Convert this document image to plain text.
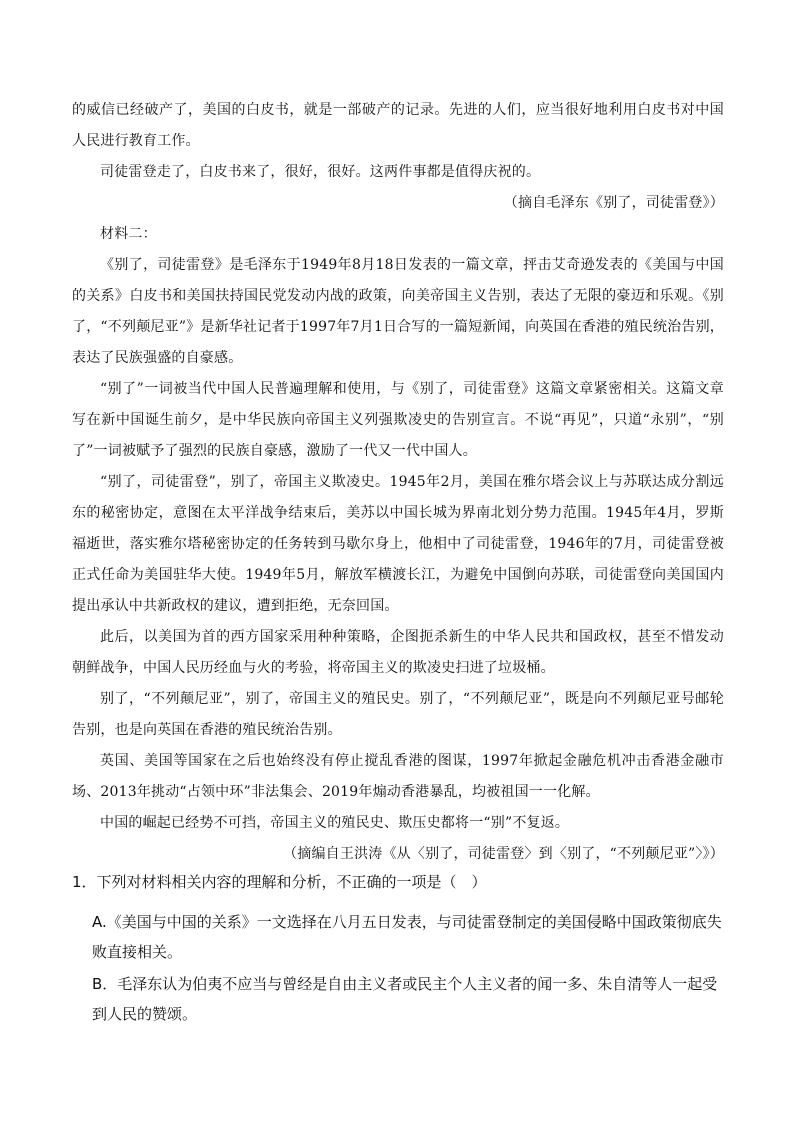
的威信已经破产了，美国的白皮书，就是一部破产的记录。先进的人们，应当很好地利用白皮书对中国人民进行教育工作。

司徒雷登走了，白皮书来了，很好，很好。这两件事都是值得庆祝的。

（摘自毛泽东《别了，司徒雷登》）

材料二：

《别了，司徒雷登》是毛泽东于1949年8月18日发表的一篇文章，抨击艾奇逊发表的《美国与中国的关系》白皮书和美国扶持国民党发动内战的政策，向美帝国主义告别，表达了无限的豪迈和乐观。《别了，“不列颠尼亚”》是新华社记者于1997年7月1日合写的一篇短新闻，向英国在香港的殖民统治告别，表达了民族强盛的自豪感。

“别了”一词被当代中国人民普遍理解和使用，与《别了，司徒雷登》这篇文章紧密相关。这篇文章写在新中国诞生前夕，是中华民族向帝国主义列强欺凌史的告别宣言。不说“再见”，只道“永别”，“别了”一词被赋予了强烈的民族自豪感，激励了一代又一代中国人。

“别了，司徒雷登”，别了，帝国主义欺凌史。1945年2月，美国在雅尔塔会议上与苏联达成分割远东的秘密协定，意图在太平洋战争结束后，美苏以中国长城为界南北划分势力范围。1945年4月，罗斯福逝世，落实雅尔塔秘密协定的任务转到马歇尔身上，他相中了司徒雷登，1946年的7月，司徒雷登被正式任命为美国驻华大使。1949年5月，解放军横渡长江，为避免中国倒向苏联，司徒雷登向美国国内提出承认中共新政权的建议，遭到拒绝，无奈回国。

此后，以美国为首的西方国家采用种种策略，企图扼杀新生的中华人民共和国政权，甚至不惜发动朝鲜战争，中国人民历经血与火的考验，将帝国主义的欺凌史扫进了垃圾桶。

别了，“不列颠尼亚”，别了，帝国主义的殖民史。别了，“不列颠尼亚”，既是向不列颠尼亚号邮轮告别，也是向英国在香港的殖民统治告别。

英国、美国等国家在之后也始终没有停止搅乱香港的图谋，1997年掀起金融危机冲击香港金融市场、2013年挑动“占领中环”非法集会、2019年煽动香港暴乱，均被祖国一一化解。

中国的崛起已经势不可挡，帝国主义的殖民史、欺压史都将一“别”不复返。

（摘编自王洪涛《从〈别了，司徒雷登〉到〈别了，“不列颠尼亚”〉》）

1．下列对材料相关内容的理解和分析，不正确的一项是（　）

A.《美国与中国的关系》一文选择在八月五日发表，与司徒雷登制定的美国侵略中国政策彻底失败直接相关。

B．毛泽东认为伯夷不应当与曾经是自由主义者或民主个人主义者的闻一多、朱自清等人一起受到人民的赞颂。
